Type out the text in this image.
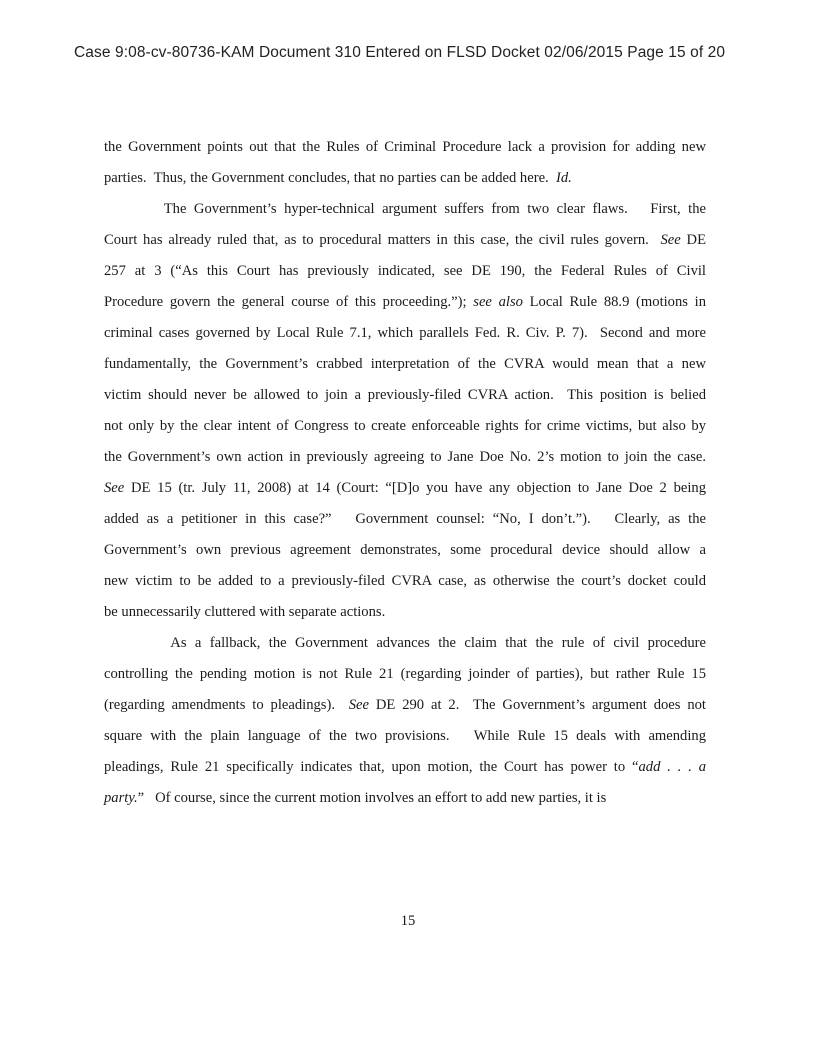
Case 9:08-cv-80736-KAM Document 310 Entered on FLSD Docket 02/06/2015 Page 15 of 20
the Government points out that the Rules of Criminal Procedure lack a provision for adding new
parties.  Thus, the Government concludes, that no parties can be added here.  Id.
The Government’s hyper-technical argument suffers from two clear flaws.   First, the
Court has already ruled that, as to procedural matters in this case, the civil rules govern.  See DE
257 at 3 (“As this Court has previously indicated, see DE 190, the Federal Rules of Civil
Procedure govern the general course of this proceeding.”); see also Local Rule 88.9 (motions in
criminal cases governed by Local Rule 7.1, which parallels Fed. R. Civ. P. 7).  Second and more
fundamentally, the Government’s crabbed interpretation of the CVRA would mean that a new
victim should never be allowed to join a previously-filed CVRA action.  This position is belied
not only by the clear intent of Congress to create enforceable rights for crime victims, but also by
the Government’s own action in previously agreeing to Jane Doe No. 2’s motion to join the case.
See DE 15 (tr. July 11, 2008) at 14 (Court: “[D]o you have any objection to Jane Doe 2 being
added as a petitioner in this case?”   Government counsel: “No, I don’t.”).   Clearly, as the
Government’s own previous agreement demonstrates, some procedural device should allow a
new victim to be added to a previously-filed CVRA case, as otherwise the court’s docket could
be unnecessarily cluttered with separate actions.
As a fallback, the Government advances the claim that the rule of civil procedure
controlling the pending motion is not Rule 21 (regarding joinder of parties), but rather Rule 15
(regarding amendments to pleadings).  See DE 290 at 2.  The Government’s argument does not
square with the plain language of the two provisions.   While Rule 15 deals with amending
pleadings, Rule 21 specifically indicates that, upon motion, the Court has power to “add . . . a
party.”   Of course, since the current motion involves an effort to add new parties, it is
15
